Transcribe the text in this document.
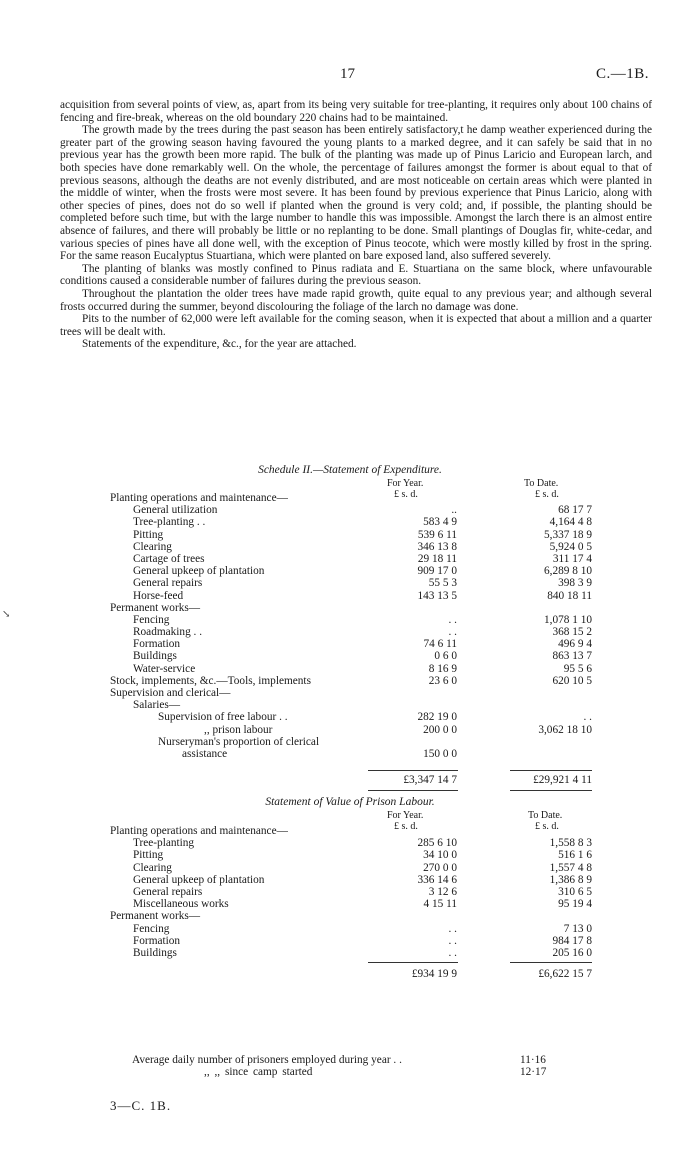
17	C.—1B.

acquisition from several points of view, as, apart from its being very suitable for tree-planting, it requires only about 100 chains of fencing and fire-break, whereas on the old boundary 220 chains had to be maintained.

The growth made by the trees during the past season has been entirely satisfactory,t he damp weather experienced during the greater part of the growing season having favoured the young plants to a marked degree, and it can safely be said that in no previous year has the growth been more rapid. The bulk of the planting was made up of Pinus Laricio and European larch, and both species have done remarkably well. On the whole, the percentage of failures amongst the former is about equal to that of previous seasons, although the deaths are not evenly distributed, and are most noticeable on certain areas which were planted in the middle of winter, when the frosts were most severe. It has been found by previous experience that Pinus Laricio, along with other species of pines, does not do so well if planted when the ground is very cold; and, if possible, the planting should be completed before such time, but with the large number to handle this was impossible. Amongst the larch there is an almost entire absence of failures, and there will probably be little or no replanting to be done. Small plantings of Douglas fir, white-cedar, and various species of pines have all done well, with the exception of Pinus teocote, which were mostly killed by frost in the spring. For the same reason Eucalyptus Stuartiana, which were planted on bare exposed land, also suffered severely.

The planting of blanks was mostly confined to Pinus radiata and E. Stuartiana on the same block, where unfavourable conditions caused a considerable number of failures during the previous season.

Throughout the plantation the older trees have made rapid growth, quite equal to any previous year; and although several frosts occurred during the summer, beyond discolouring the foliage of the larch no damage was done.

Pits to the number of 62,000 were left available for the coming season, when it is expected that about a million and a quarter trees will be dealt with.

Statements of the expenditure, &c., for the year are attached.

Schedule II.—Statement of Expenditure.
For Year.	To Date.
£ s. d.	£ s. d.
Planting operations and maintenance—
General utilization	..	68 17 7
Tree-planting . .	583 4 9	4,164 4 8
Pitting	539 6 11	5,337 18 9
Clearing	346 13 8	5,924 0 5
Cartage of trees	29 18 11	311 17 4
General upkeep of plantation	909 17 0	6,289 8 10
General repairs	55 5 3	398 3 9
Horse-feed	143 13 5	840 18 11
Permanent works—
Fencing	. .	1,078 1 10
Roadmaking . .	. .	368 15 2
Formation	74 6 11	496 9 4
Buildings	0 6 0	863 13 7
Water-service	8 16 9	95 5 6
Stock, implements, &c.—Tools, implements	23 6 0	620 10 5
Supervision and clerical—
Salaries—
Supervision of free labour . .	282 19 0	. .
,, prison labour	200 0 0	3,062 18 10
Nurseryman's proportion of clerical
assistance	150 0 0
£3,347 14 7	£29,921 4 11
Statement of Value of Prison Labour.
For Year.	To Date.
£ s. d.	£ s. d.
Planting operations and maintenance—
Tree-planting	285 6 10	1,558 8 3
Pitting	34 10 0	516 1 6
Clearing	270 0 0	1,557 4 8
General upkeep of plantation	336 14 6	1,386 8 9
General repairs	3 12 6	310 6 5
Miscellaneous works	4 15 11	95 19 4
Permanent works—
Fencing	. .	7 13 0
Formation	. .	984 17 8
Buildings	. .	205 16 0
£934 19 9	£6,622 15 7
Average daily number of prisoners employed during year . .	11·16
,, ,, since camp started	12·17
3—C. 1B.
↘
